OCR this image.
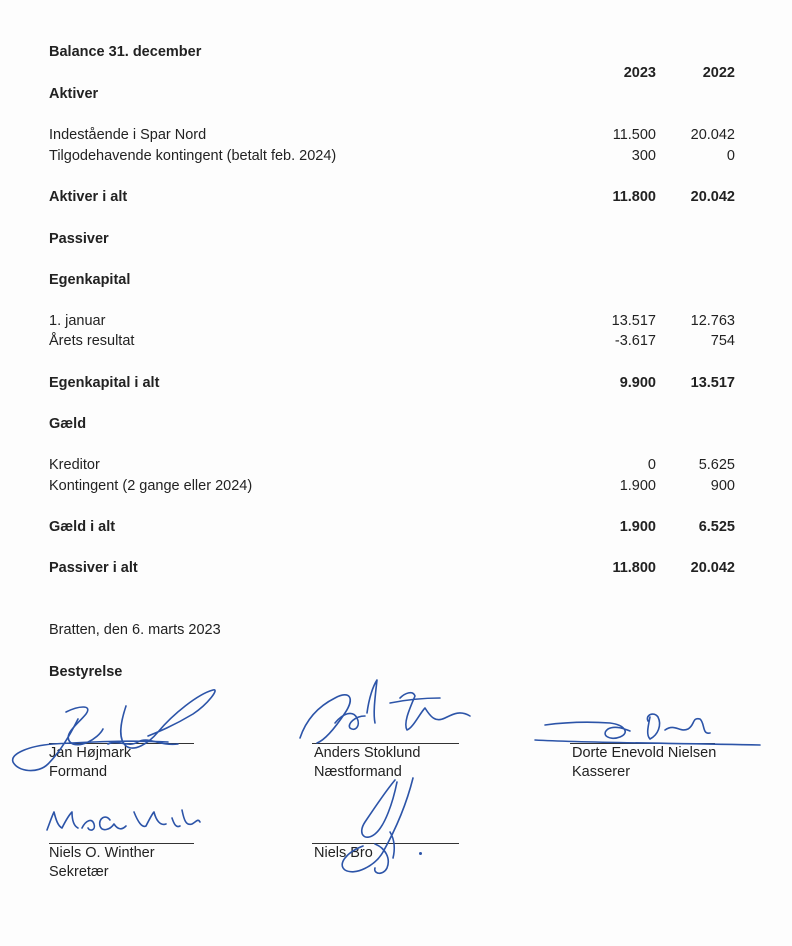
Balance 31. december
2023	2022
Aktiver
Indestående i Spar Nord	11.500	20.042
Tilgodehavende kontingent (betalt feb. 2024)	300	0
Aktiver i alt	11.800	20.042
Passiver
Egenkapital
1. januar	13.517	12.763
Årets resultat	-3.617	754
Egenkapital i alt	9.900	13.517
Gæld
Kreditor	0	5.625
Kontingent (2 gange eller 2024)	1.900	900
Gæld i alt	1.900	6.525
Passiver i alt	11.800	20.042
Bratten, den 6. marts 2023
Bestyrelse
Jan Højmark
Formand
Anders Stoklund
Næstformand
Dorte Enevold Nielsen
Kasserer
Niels O. Winther
Sekretær
Niels Bro
